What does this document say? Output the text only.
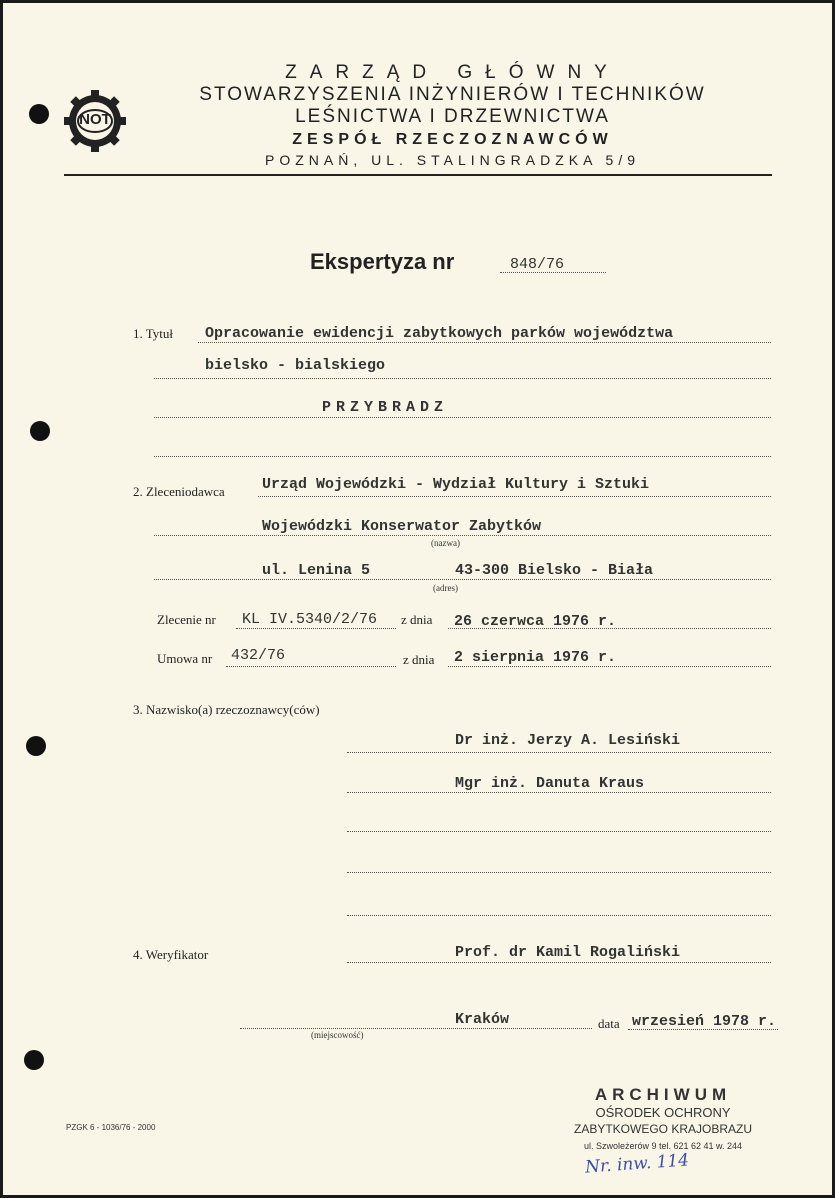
NOT
ZARZĄD GŁÓWNY
STOWARZYSZENIA INŻYNIERÓW I TECHNIKÓW
LEŚNICTWA I DRZEWNICTWA
ZESPÓŁ RZECZOZNAWCÓW
POZNAŃ, UL. STALINGRADZKA 5/9
Ekspertyza nr	848/76
1. Tytuł Opracowanie ewidencji zabytkowych parków województwa
bielsko - bialskiego
PRZYBRADZ
2. Zleceniodawca Urząd Wojewódzki - Wydział Kultury i Sztuki
Wojewódzki Konserwator Zabytków
(nazwa)
ul. Lenina 5	43-300 Bielsko - Biała
(adres)
Zlecenie nr KL IV.5340/2/76 z dnia 26 czerwca 1976 r.
Umowa nr 432/76	z dnia 2 sierpnia 1976 r.
3. Nazwisko(a) rzeczoznawcy(ców)
Dr inż. Jerzy A. Lesiński
Mgr inż. Danuta Kraus
4. Weryfikator	Prof. dr Kamil Rogaliński
Kraków
(miejscowość)
data wrzesień 1978 r.
PZGK 6 - 1036/76 - 2000
ARCHIWUM
OŚRODEK OCHRONY
ZABYTKOWEGO KRAJOBRAZU
ul. Szwoleżerów 9 tel. 621 62 41 w. 244
Nr. inw. 114
